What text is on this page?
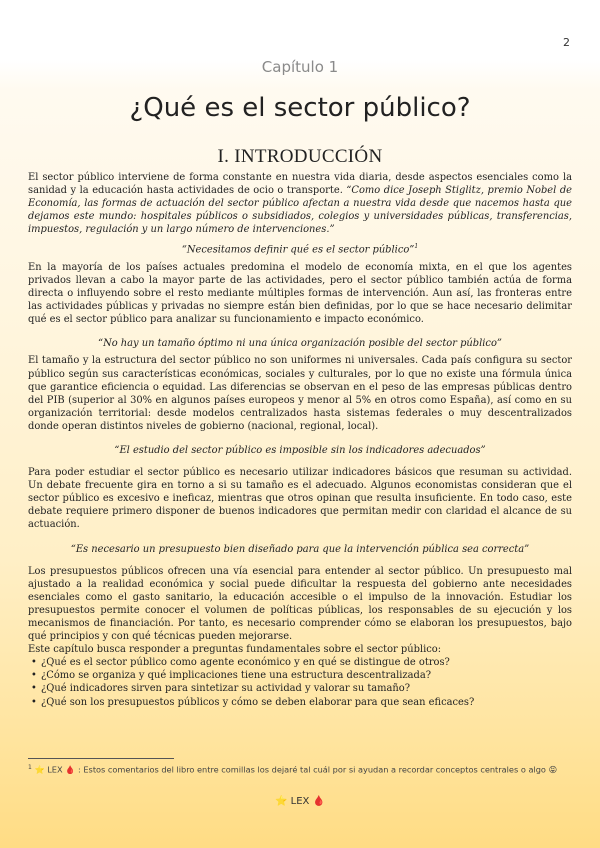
2
Capítulo 1
¿Qué es el sector público?
I. INTRODUCCIÓN

El sector público interviene de forma constante en nuestra vida diaria, desde aspectos esenciales como la sanidad y la educación hasta actividades de ocio o transporte. “Como dice Joseph Stiglitz, premio Nobel de Economía, las formas de actuación del sector público afectan a nuestra vida desde que nacemos hasta que dejamos este mundo: hospitales públicos o subsidiados, colegios y universidades públicas, transferencias, impuestos, regulación y un largo número de intervenciones.”

“Necesitamos definir qué es el sector público”$^1$

En la mayoría de los países actuales predomina el modelo de economía mixta, en el que los agentes privados llevan a cabo la mayor parte de las actividades, pero el sector público también actúa de forma directa o influyendo sobre el resto mediante múltiples formas de intervención. Aun así, las fronteras entre las actividades públicas y privadas no siempre están bien definidas, por lo que se hace necesario delimitar qué es el sector público para analizar su funcionamiento e impacto económico.

“No hay un tamaño óptimo ni una única organización posible del sector público”

El tamaño y la estructura del sector público no son uniformes ni universales. Cada país configura su sector público según sus características económicas, sociales y culturales, por lo que no existe una fórmula única que garantice eficiencia o equidad. Las diferencias se observan en el peso de las empresas públicas dentro del PIB (superior al 30% en algunos países europeos y menor al 5% en otros como España), así como en su organización territorial: desde modelos centralizados hasta sistemas federales o muy descentralizados donde operan distintos niveles de gobierno (nacional, regional, local).

“El estudio del sector público es imposible sin los indicadores adecuados”

Para poder estudiar el sector público es necesario utilizar indicadores básicos que resuman su actividad. Un debate frecuente gira en torno a si su tamaño es el adecuado. Algunos economistas consideran que el sector público es excesivo e ineficaz, mientras que otros opinan que resulta insuficiente. En todo caso, este debate requiere primero disponer de buenos indicadores que permitan medir con claridad el alcance de su actuación.

“Es necesario un presupuesto bien diseñado para que la intervención pública sea correcta”

Los presupuestos públicos ofrecen una vía esencial para entender al sector público. Un presupuesto mal ajustado a la realidad económica y social puede dificultar la respuesta del gobierno ante necesidades esenciales como el gasto sanitario, la educación accesible o el impulso de la innovación. Estudiar los presupuestos permite conocer el volumen de políticas públicas, los responsables de su ejecución y los mecanismos de financiación. Por tanto, es necesario comprender cómo se elaboran los presupuestos, bajo qué principios y con qué técnicas pueden mejorarse.

Este capítulo busca responder a preguntas fundamentales sobre el sector público:

• ¿Qué es el sector público como agente económico y en qué se distingue de otros?
• ¿Cómo se organiza y qué implicaciones tiene una estructura descentralizada?
• ¿Qué indicadores sirven para sintetizar su actividad y valorar su tamaño?
• ¿Qué son los presupuestos públicos y cómo se deben elaborar para que sean eficaces?
$^1$ ⭐ LEX 🩸 : Estos comentarios del libro entre comillas los dejaré tal cuál por si ayudan a recordar conceptos centrales o algo 😝
⭐ LEX 🩸
